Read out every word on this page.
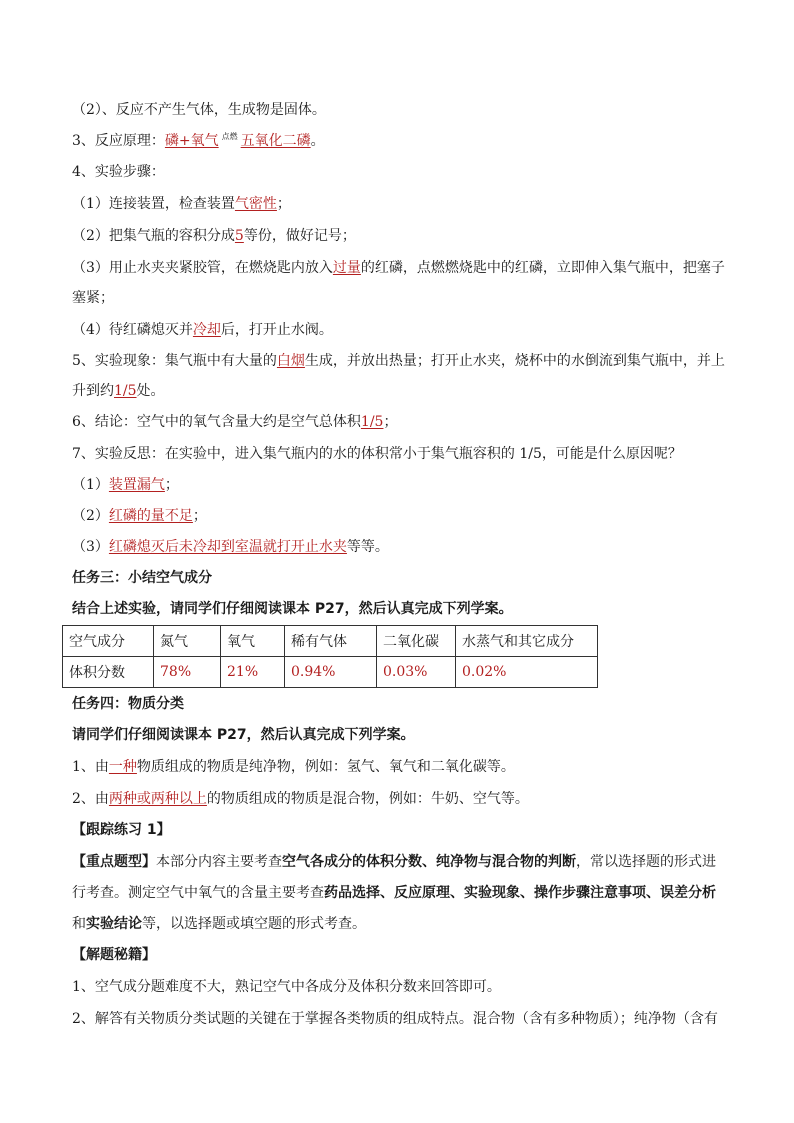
（2）、反应不产生气体，生成物是固体。
3、反应原理：磷+氧气 $^{点燃}$ 五氧化二磷。
4、实验步骤：
（1）连接装置，检查装置气密性；
（2）把集气瓶的容积分成5等份，做好记号；
（3）用止水夹夹紧胶管，在燃烧匙内放入过量的红磷，点燃燃烧匙中的红磷，立即伸入集气瓶中，把塞子
塞紧；
（4）待红磷熄灭并冷却后，打开止水阀。
5、实验现象：集气瓶中有大量的白烟生成，并放出热量；打开止水夹，烧杯中的水倒流到集气瓶中，并上
升到约1/5处。
6、结论：空气中的氧气含量大约是空气总体积1/5；
7、实验反思：在实验中，进入集气瓶内的水的体积常小于集气瓶容积的 1/5，可能是什么原因呢？
（1）装置漏气；
（2）红磷的量不足；
（3）红磷熄灭后未冷却到室温就打开止水夹等等。
任务三：小结空气成分
结合上述实验，请同学们仔细阅读课本 P27，然后认真完成下列学案。
空气成分	氮气	氧气	稀有气体	二氧化碳	水蒸气和其它成分
体积分数	78%	21%	0.94%	0.03%	0.02%
任务四：物质分类
请同学们仔细阅读课本 P27，然后认真完成下列学案。
1、由一种物质组成的物质是纯净物，例如：氢气、氧气和二氧化碳等。
2、由两种或两种以上的物质组成的物质是混合物，例如：牛奶、空气等。
【跟踪练习 1】
【重点题型】本部分内容主要考查空气各成分的体积分数、纯净物与混合物的判断，常以选择题的形式进
行考查。测定空气中氧气的含量主要考查药品选择、反应原理、实验现象、操作步骤注意事项、误差分析
和实验结论等，以选择题或填空题的形式考查。
【解题秘籍】
1、空气成分题难度不大，熟记空气中各成分及体积分数来回答即可。
2、解答有关物质分类试题的关键在于掌握各类物质的组成特点。混合物（含有多种物质）；纯净物（含有
